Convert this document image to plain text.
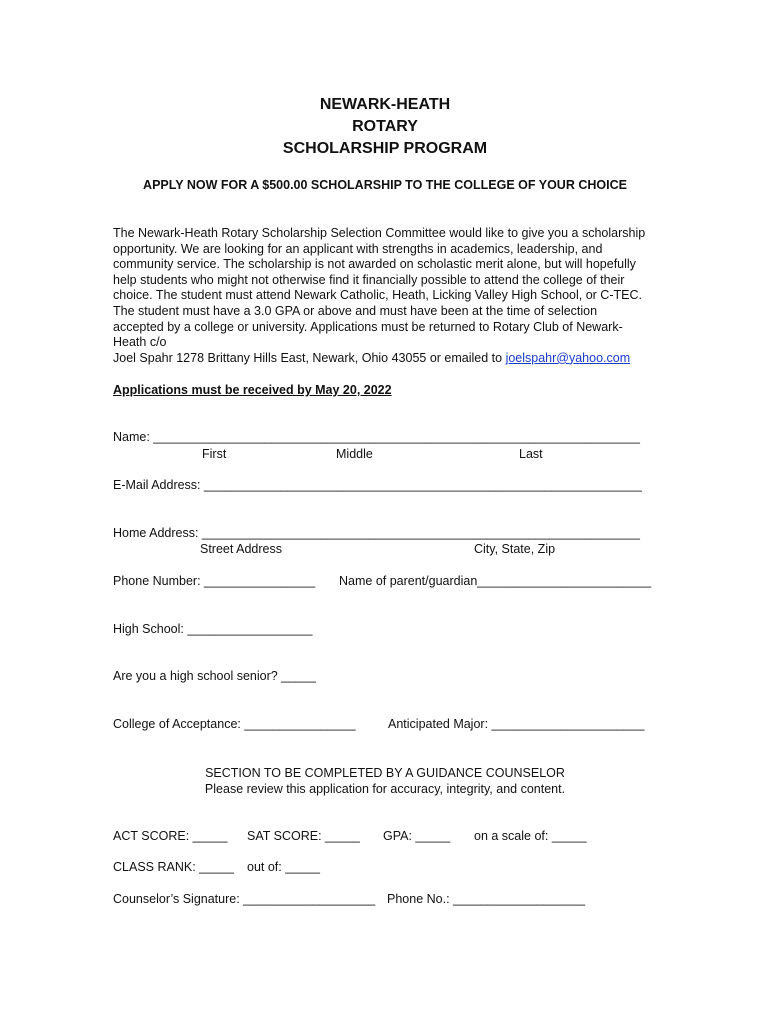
NEWARK-HEATH
ROTARY
SCHOLARSHIP PROGRAM
APPLY NOW FOR A $500.00 SCHOLARSHIP TO THE COLLEGE OF YOUR CHOICE
The Newark-Heath Rotary Scholarship Selection Committee would like to give you a scholarship
opportunity. We are looking for an applicant with strengths in academics, leadership, and
community service. The scholarship is not awarded on scholastic merit alone, but will hopefully
help students who might not otherwise find it financially possible to attend the college of their
choice. The student must attend Newark Catholic, Heath, Licking Valley High School, or C-TEC.
The student must have a 3.0 GPA or above and must have been at the time of selection
accepted by a college or university. Applications must be returned to Rotary Club of Newark-
Heath c/o
Joel Spahr 1278 Brittany Hills East, Newark, Ohio 43055 or emailed to joelspahr@yahoo.com
Applications must be received by May 20, 2022
Name: ______________________________________________________________________
First	Middle	Last
E-Mail Address: _______________________________________________________________
Home Address: _______________________________________________________________
Street Address	City, State, Zip
Phone Number: ________________ Name of parent/guardian_________________________
High School: __________________
Are you a high school senior? _____
College of Acceptance: ________________	Anticipated Major: ______________________
SECTION TO BE COMPLETED BY A GUIDANCE COUNSELOR
Please review this application for accuracy, integrity, and content.
ACT SCORE: _____ SAT SCORE: _____ GPA: _____ on a scale of: _____
CLASS RANK: _____ out of: _____
Counselor’s Signature: ___________________ Phone No.: ___________________
